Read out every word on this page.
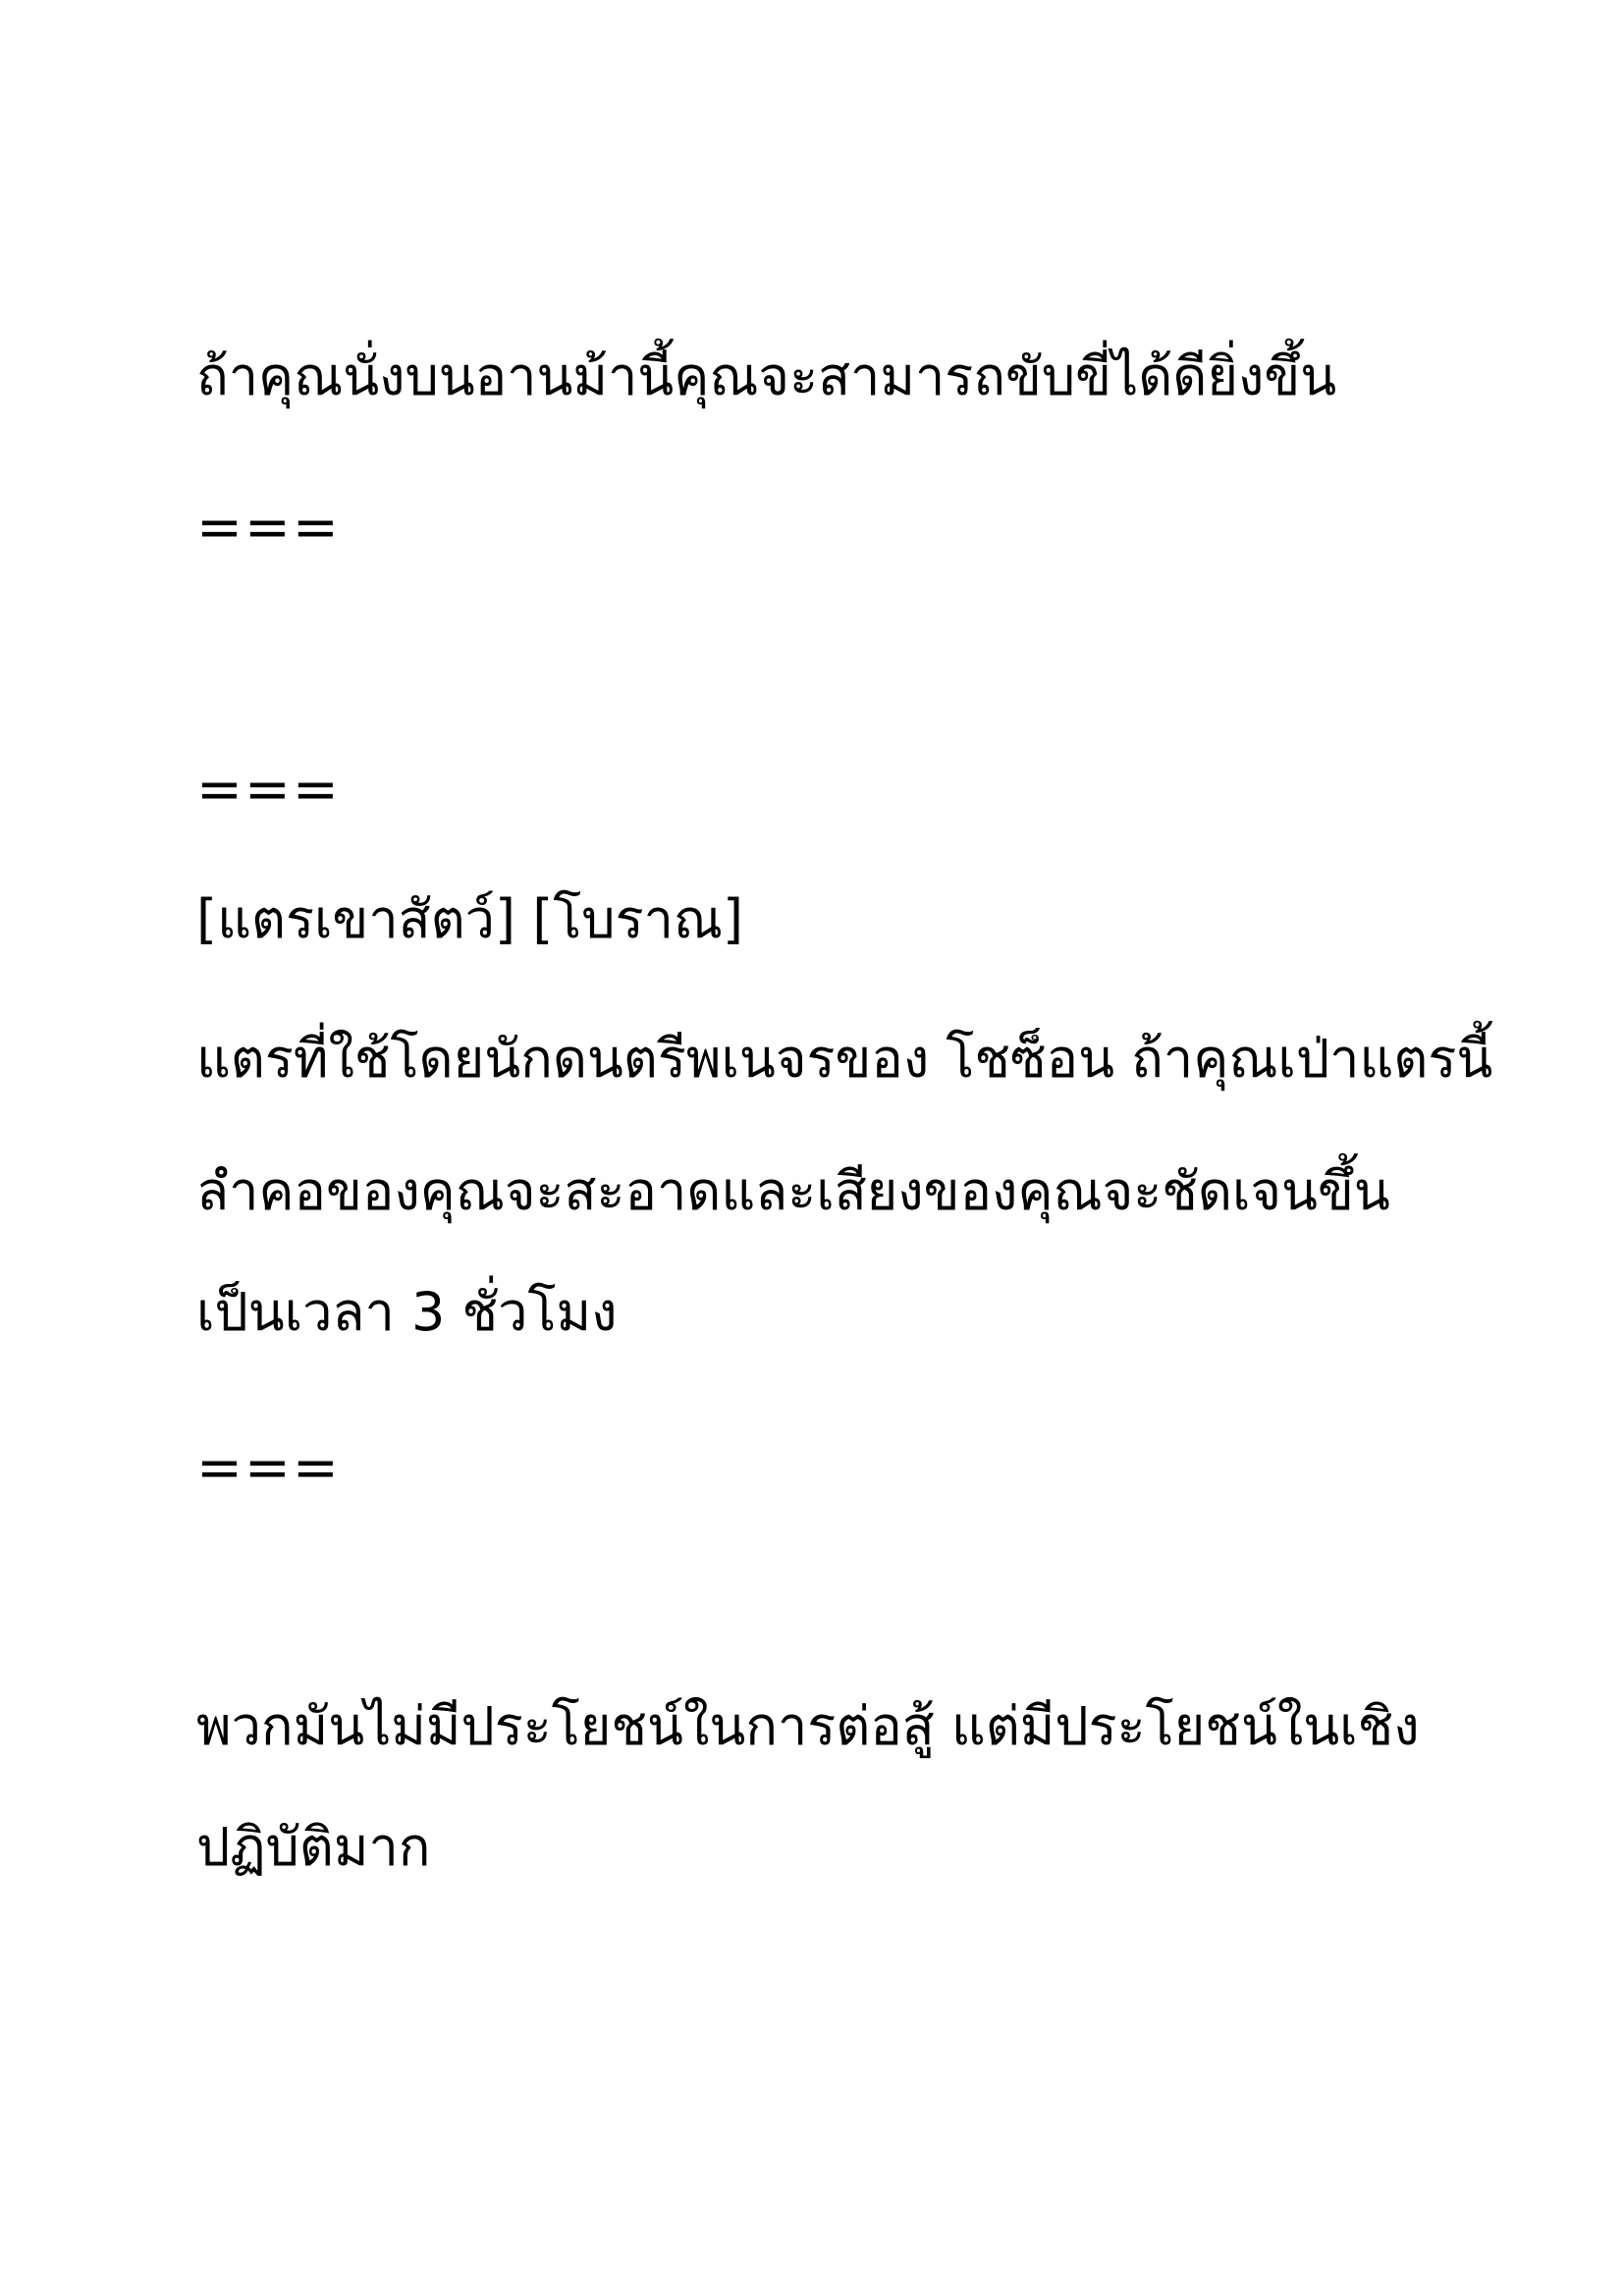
ถ้าคุณนั่งบนอานม้านี้คุณจะสามารถขับขี่ได้ดียิ่งขึ้น
===
===
[แตรเขาสัตว์] [โบราณ]
แตรที่ใช้โดยนักดนตรีพเนจรของ โชซ็อน ถ้าคุณเป่าแตรนี้
ลำคอของคุณจะสะอาดและเสียงของคุณจะชัดเจนขึ้น
เป็นเวลา 3 ชั่วโมง
===
พวกมันไม่มีประโยชน์ในการต่อสู้ แต่มีประโยชน์ในเชิง
ปฏิบัติมาก
